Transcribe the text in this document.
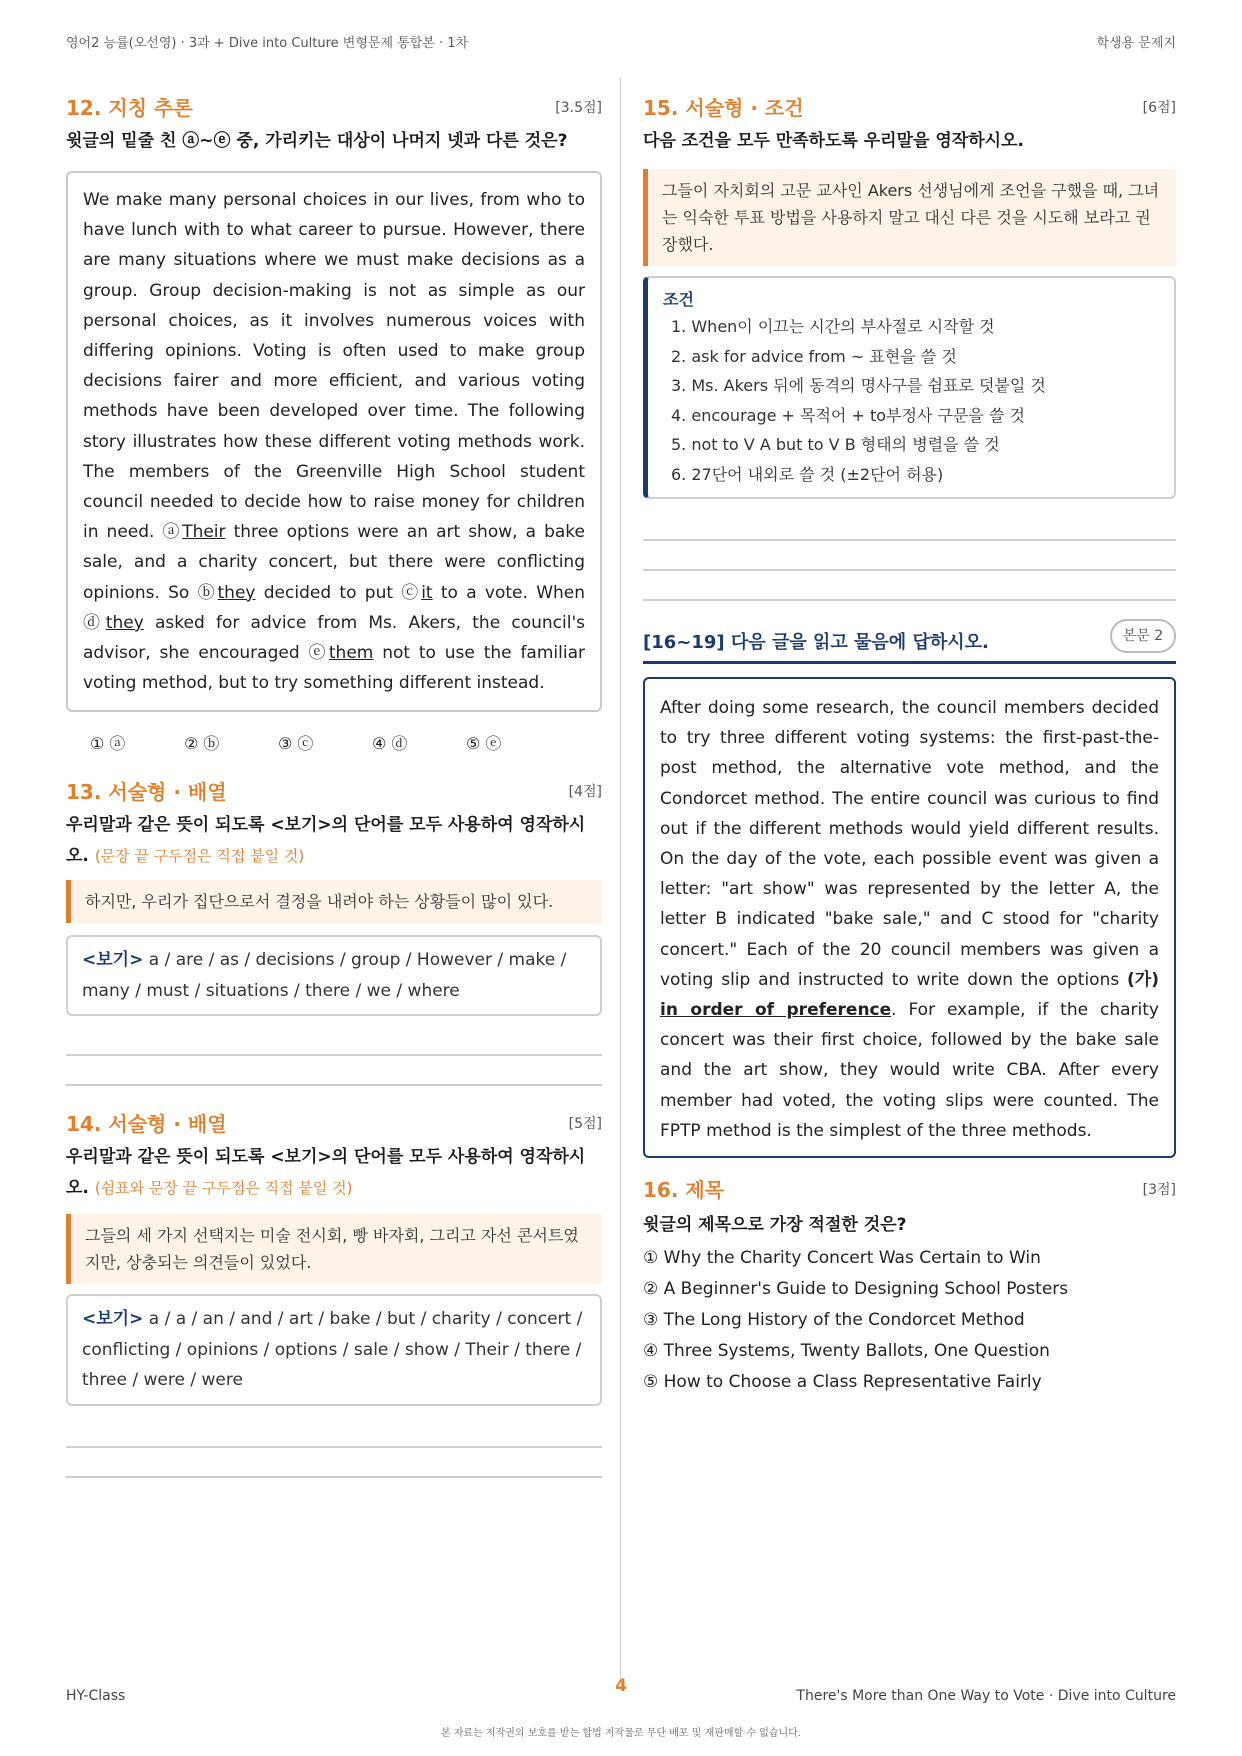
영어2 능률(오선영) · 3과 + Dive into Culture 변형문제 통합본 · 1차	학생용 문제지
12. 지칭 추론	[3.5점]
윗글의 밑줄 친 ⓐ~ⓔ 중, 가리키는 대상이 나머지 넷과 다른 것은?
We make many personal choices in our lives, from who to have lunch with to what career to pursue. However, there are many situations where we must make decisions as a group. Group decision-making is not as simple as our personal choices, as it involves numerous voices with differing opinions. Voting is often used to make group decisions fairer and more efficient, and various voting methods have been developed over time. The following story illustrates how these different voting methods work. The members of the Greenville High School student council needed to decide how to raise money for children in need. ⓐTheir three options were an art show, a bake sale, and a charity concert, but there were conflicting opinions. So ⓑthey decided to put ⓒit to a vote. When ⓓthey asked for advice from Ms. Akers, the council's advisor, she encouraged ⓔthem not to use the familiar voting method, but to try something different instead.
① ⓐ	② ⓑ	③ ⓒ	④ ⓓ	⑤ ⓔ
13. 서술형 · 배열	[4점]
우리말과 같은 뜻이 되도록 <보기>의 단어를 모두 사용하여 영작하시오. (문장 끝 구두점은 직접 붙일 것)
하지만, 우리가 집단으로서 결정을 내려야 하는 상황들이 많이 있다.
<보기> a / are / as / decisions / group / However / make / many / must / situations / there / we / where
14. 서술형 · 배열	[5점]
우리말과 같은 뜻이 되도록 <보기>의 단어를 모두 사용하여 영작하시오. (쉼표와 문장 끝 구두점은 직접 붙일 것)
그들의 세 가지 선택지는 미술 전시회, 빵 바자회, 그리고 자선 콘서트였지만, 상충되는 의견들이 있었다.
<보기> a / a / an / and / art / bake / but / charity / concert / conflicting / opinions / options / sale / show / Their / there / three / were / were
15. 서술형 · 조건	[6점]
다음 조건을 모두 만족하도록 우리말을 영작하시오.
그들이 자치회의 고문 교사인 Akers 선생님에게 조언을 구했을 때, 그녀는 익숙한 투표 방법을 사용하지 말고 대신 다른 것을 시도해 보라고 권장했다.
조건
1. When이 이끄는 시간의 부사절로 시작할 것
2. ask for advice from ~ 표현을 쓸 것
3. Ms. Akers 뒤에 동격의 명사구를 쉼표로 덧붙일 것
4. encourage + 목적어 + to부정사 구문을 쓸 것
5. not to V A but to V B 형태의 병렬을 쓸 것
6. 27단어 내외로 쓸 것 (±2단어 허용)
[16~19] 다음 글을 읽고 물음에 답하시오.	본문 2
After doing some research, the council members decided to try three different voting systems: the first-past-the-post method, the alternative vote method, and the Condorcet method. The entire council was curious to find out if the different methods would yield different results. On the day of the vote, each possible event was given a letter: "art show" was represented by the letter A, the letter B indicated "bake sale," and C stood for "charity concert." Each of the 20 council members was given a voting slip and instructed to write down the options (가) in order of preference. For example, if the charity concert was their first choice, followed by the bake sale and the art show, they would write CBA. After every member had voted, the voting slips were counted. The FPTP method is the simplest of the three methods.
16. 제목	[3점]
윗글의 제목으로 가장 적절한 것은?
① Why the Charity Concert Was Certain to Win
② A Beginner's Guide to Designing School Posters
③ The Long History of the Condorcet Method
④ Three Systems, Twenty Ballots, One Question
⑤ How to Choose a Class Representative Fairly
HY-Class	4	There's More than One Way to Vote · Dive into Culture
본 자료는 저작권의 보호를 받는 합법 저작물로 무단 배포 및 재판매할 수 없습니다.
